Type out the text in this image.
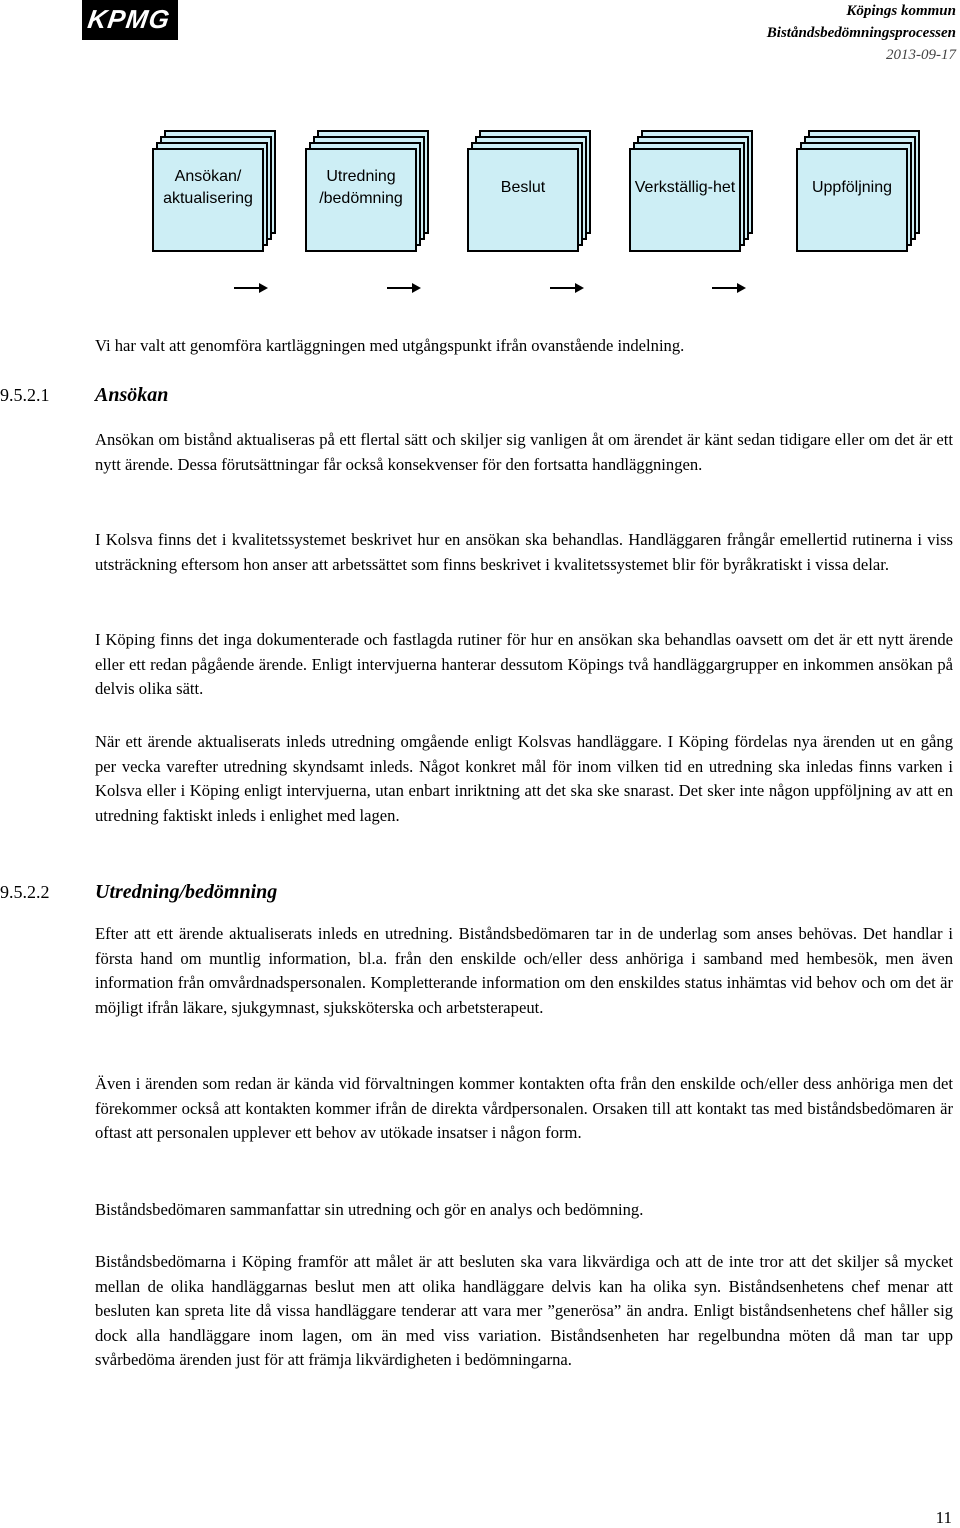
KPMG	Köpings kommun
Biståndsbedömningsprocessen
2013-09-17
Ansökan/ aktualisering
Utredning /bedömning
Beslut	Verkställig-het	Uppföljning
Vi har valt att genomföra kartläggningen med utgångspunkt ifrån ovanstående indelning.
9.5.2.1 Ansökan
Ansökan om bistånd aktualiseras på ett flertal sätt och skiljer sig vanligen åt om ärendet är känt sedan tidigare eller om det är ett nytt ärende. Dessa förutsättningar får också konsekvenser för den fortsatta handläggningen.
I Kolsva finns det i kvalitetssystemet beskrivet hur en ansökan ska behandlas. Handläggaren frångår emellertid rutinerna i viss utsträckning eftersom hon anser att arbetssättet som finns beskrivet i kvalitetssystemet blir för byråkratiskt i vissa delar.
I Köping finns det inga dokumenterade och fastlagda rutiner för hur en ansökan ska behandlas oavsett om det är ett nytt ärende eller ett redan pågående ärende. Enligt intervjuerna hanterar dessutom Köpings två handläggargrupper en inkommen ansökan på delvis olika sätt.
När ett ärende aktualiserats inleds utredning omgående enligt Kolsvas handläggare. I Köping fördelas nya ärenden ut en gång per vecka varefter utredning skyndsamt inleds. Något konkret mål för inom vilken tid en utredning ska inledas finns varken i Kolsva eller i Köping enligt intervjuerna, utan enbart inriktning att det ska ske snarast. Det sker inte någon uppföljning av att en utredning faktiskt inleds i enlighet med lagen.
9.5.2.2 Utredning/bedömning
Efter att ett ärende aktualiserats inleds en utredning. Biståndsbedömaren tar in de underlag som anses behövas. Det handlar i första hand om muntlig information, bl.a. från den enskilde och/eller dess anhöriga i samband med hembesök, men även information från omvårdnadspersonalen. Kompletterande information om den enskildes status inhämtas vid behov och om det är möjligt ifrån läkare, sjukgymnast, sjuksköterska och arbetsterapeut.
Även i ärenden som redan är kända vid förvaltningen kommer kontakten ofta från den enskilde och/eller dess anhöriga men det förekommer också att kontakten kommer ifrån de direkta vårdpersonalen. Orsaken till att kontakt tas med biståndsbedömaren är oftast att personalen upplever ett behov av utökade insatser i någon form.
Biståndsbedömaren sammanfattar sin utredning och gör en analys och bedömning.
Biståndsbedömarna i Köping framför att målet är att besluten ska vara likvärdiga och att de inte tror att det skiljer så mycket mellan de olika handläggarnas beslut men att olika handläggare delvis kan ha olika syn. Biståndsenhetens chef menar att besluten kan spreta lite då vissa handläggare tenderar att vara mer ”generösa” än andra. Enligt biståndsenhetens chef håller sig dock alla handläggare inom lagen, om än med viss variation. Biståndsenheten har regelbundna möten då man tar upp svårbedöma ärenden just för att främja likvärdigheten i bedömningarna.
11
